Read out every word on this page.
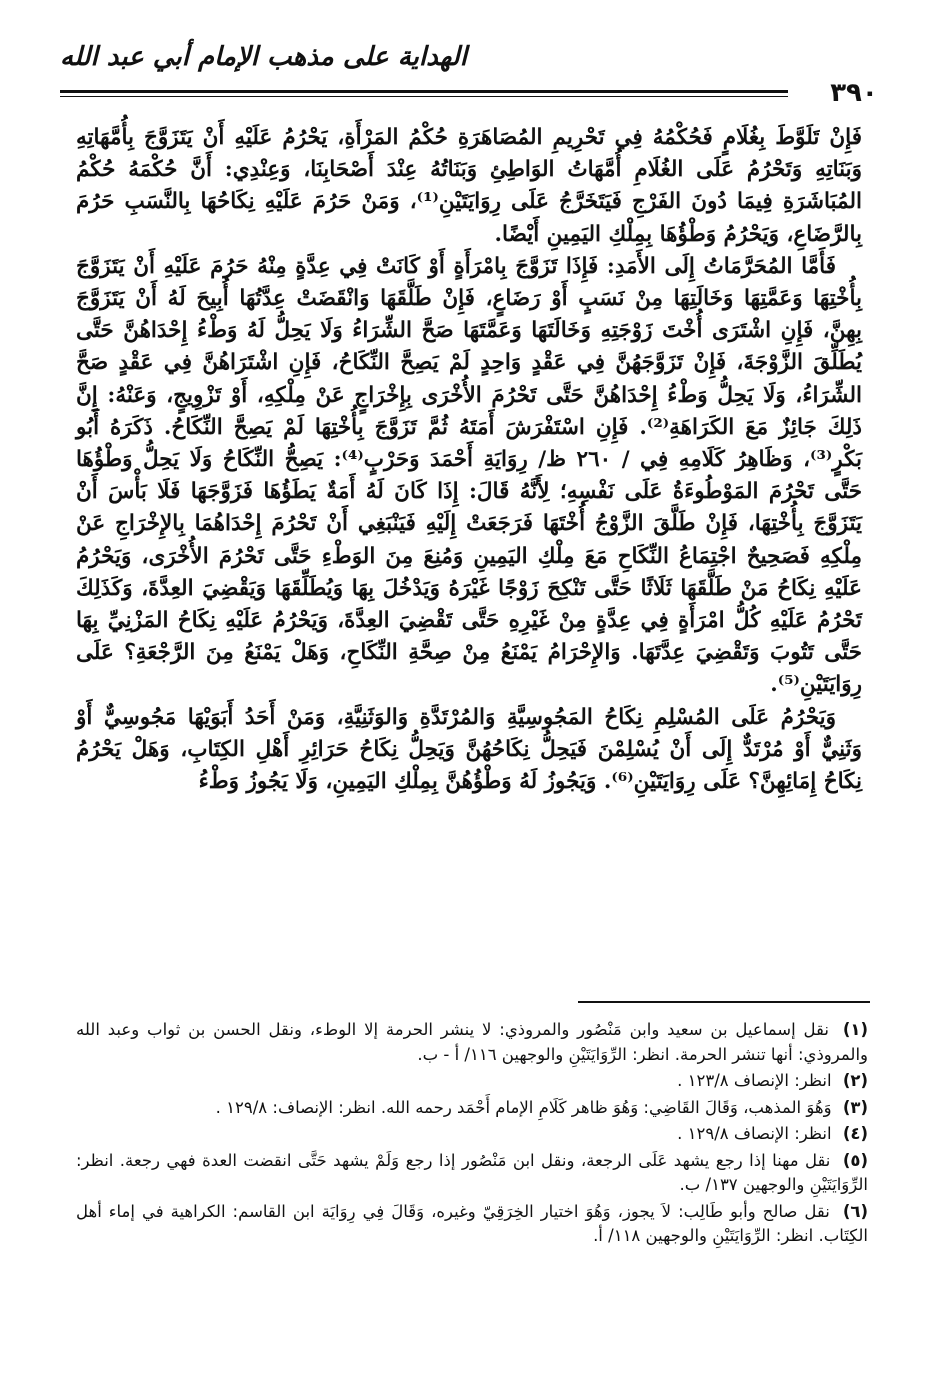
الهداية على مذهب الإمام أبي عبد الله
٣٩٠

فَإِنْ تَلَوَّطَ بِغُلَامٍ فَحُكْمُهُ فِي تَحْرِيمِ المُصَاهَرَةِ حُكْمُ المَرْأَةِ، يَحْرُمُ عَلَيْهِ أَنْ يَتَزَوَّجَ بِأُمَّهَاتِهِ وَبَنَاتِهِ وَتَحْرُمُ عَلَى الغُلَامِ أُمَّهَاتُ الوَاطِئِ وَبَنَاتُهُ عِنْدَ أَصْحَابِنَا، وَعِنْدِي: أَنَّ حُكْمَهُ حُكْمُ المُبَاشَرَةِ فِيمَا دُونَ الفَرْجِ فَيَتَخَرَّجُ عَلَى رِوَايَتَيْنِ⁽¹⁾، وَمَنْ حَرُمَ عَلَيْهِ نِكَاحُهَا بِالنَّسَبِ حَرُمَ بِالرَّضَاعِ، وَيَحْرُمُ وَطْؤُهَا بِمِلْكِ اليَمِينِ أَيْضًا.

فَأَمَّا المُحَرَّمَاتُ إِلَى الأَمَدِ: فَإِذَا تَزَوَّجَ بِامْرَأَةٍ أَوْ كَانَتْ فِي عِدَّةٍ مِنْهُ حَرُمَ عَلَيْهِ أَنْ يَتَزَوَّجَ بِأُخْتِهَا وَعَمَّتِهَا وَخَالَتِهَا مِنْ نَسَبٍ أَوْ رَضَاعٍ، فَإِنْ طَلَّقَهَا وَانْقَضَتْ عِدَّتُهَا أُبِيحَ لَهُ أَنْ يَتَزَوَّجَ بِهِنَّ، فَإِنِ اشْتَرَى أُخْتَ زَوْجَتِهِ وَخَالَتَهَا وَعَمَّتَهَا صَحَّ الشِّرَاءُ وَلَا يَحِلُّ لَهُ وَطْءُ إِحْدَاهُنَّ حَتَّى يُطَلِّقَ الزَّوْجَةَ، فَإِنْ تَزَوَّجَهُنَّ فِي عَقْدٍ وَاحِدٍ لَمْ يَصِحَّ النِّكَاحُ، فَإِنِ اشْتَرَاهُنَّ فِي عَقْدٍ صَحَّ الشِّرَاءُ، وَلَا يَحِلُّ وَطْءُ إِحْدَاهُنَّ حَتَّى تَحْرُمَ الأُخْرَى بِإِخْرَاجٍ عَنْ مِلْكِهِ، أَوْ تَزْوِيجٍ، وَعَنْهُ: إِنَّ ذَلِكَ جَائِزٌ مَعَ الكَرَاهَةِ⁽²⁾. فَإِنِ اسْتَفْرَشَ أَمَتَهُ ثُمَّ تَزَوَّجَ بِأُخْتِهَا لَمْ يَصِحَّ النِّكَاحُ. ذَكَرَهُ أَبُو بَكْرٍ⁽³⁾، وَظَاهِرُ كَلَامِهِ فِي / ٢٦٠ ظ/ رِوَايَةِ أَحْمَدَ وَحَرْبٍ⁽⁴⁾: يَصِحُّ النِّكَاحُ وَلَا يَحِلُّ وَطْؤُهَا حَتَّى تَحْرُمَ المَوْطُوءَةُ عَلَى نَفْسِهِ؛ لِأَنَّهُ قَالَ: إِذَا كَانَ لَهُ أَمَةٌ يَطَؤُهَا فَزَوَّجَهَا فَلَا بَأْسَ أَنْ يَتَزَوَّجَ بِأُخْتِهَا، فَإِنْ طَلَّقَ الزَّوْجُ أُخْتَهَا فَرَجَعَتْ إِلَيْهِ فَيَنْبَغِي أَنْ تَحْرُمَ إِحْدَاهُمَا بِالإِخْرَاجِ عَنْ مِلْكِهِ فَصَحِيحٌ اجْتِمَاعُ النِّكَاحِ مَعَ مِلْكِ اليَمِينِ وَمُنِعَ مِنَ الوَطْءِ حَتَّى تَحْرُمَ الأُخْرَى، وَيَحْرُمُ عَلَيْهِ نِكَاحُ مَنْ طَلَّقَهَا ثَلَاثًا حَتَّى تَنْكِحَ زَوْجًا غَيْرَهُ وَيَدْخُلَ بِهَا وَيُطَلِّقَهَا وَيَقْضِيَ العِدَّةَ، وَكَذَلِكَ تَحْرُمُ عَلَيْهِ كُلُّ امْرَأَةٍ فِي عِدَّةٍ مِنْ غَيْرِهِ حَتَّى تَقْضِيَ العِدَّةَ، وَيَحْرُمُ عَلَيْهِ نِكَاحُ المَزْنِيِّ بِهَا حَتَّى تَتُوبَ وَتَقْضِيَ عِدَّتَهَا. وَالإِحْرَامُ يَمْنَعُ مِنْ صِحَّةِ النِّكَاحِ، وَهَلْ يَمْنَعُ مِنَ الرَّجْعَةِ؟ عَلَى رِوَايَتَيْنِ⁽⁵⁾.

وَيَحْرُمُ عَلَى المُسْلِمِ نِكَاحُ المَجُوسِيَّةِ وَالمُرْتَدَّةِ وَالوَثَنِيَّةِ، وَمَنْ أَحَدُ أَبَوَيْهَا مَجُوسِيٌّ أَوْ وَثَنِيٌّ أَوْ مُرْتَدٌّ إِلَى أَنْ يُسْلِمْنَ فَيَحِلُّ نِكَاحُهُنَّ وَيَحِلُّ نِكَاحُ حَرَائِرِ أَهْلِ الكِتَابِ، وَهَلْ يَحْرُمُ نِكَاحُ إِمَائِهِنَّ؟ عَلَى رِوَايَتَيْنِ⁽⁶⁾. وَيَجُوزُ لَهُ وَطْؤُهُنَّ بِمِلْكِ اليَمِينِ، وَلَا يَجُوزُ وَطْءُ

(١) نقل إسماعيل بن سعيد وابن مَنْصُور والمروذي: لا ينشر الحرمة إلا الوطء، ونقل الحسن بن ثواب وعبد الله والمروذي: أنها تنشر الحرمة. انظر: الرِّوَايَتَيْنِ والوجهين ١١٦/ أ - ب.
(٢) انظر: الإنصاف ١٢٣/٨ .
(٣) وَهُوَ المذهب، وَقَالَ القَاضِي: وَهُوَ ظاهر كَلَامِ الإمام أَحْمَد رحمه الله. انظر: الإنصاف: ١٢٩/٨ .
(٤) انظر: الإنصاف ١٢٩/٨ .
(٥) نقل مهنا إذا رجع يشهد عَلَى الرجعة، ونقل ابن مَنْصُور إذا رجع وَلَمْ يشهد حَتَّى انقضت العدة فهي رجعة. انظر: الرِّوَايَتَيْنِ والوجهين ١٣٧/ ب.
(٦) نقل صالح وأبو طَالِب: لاَ يجوز، وَهُوَ اختيار الخِرَقِيّ وغيره، وَقَالَ فِي رِوَايَة ابن القاسم: الكراهية في إماء أهل الكِتَاب. انظر: الرِّوَايَتَيْنِ والوجهين ١١٨/ أ.
